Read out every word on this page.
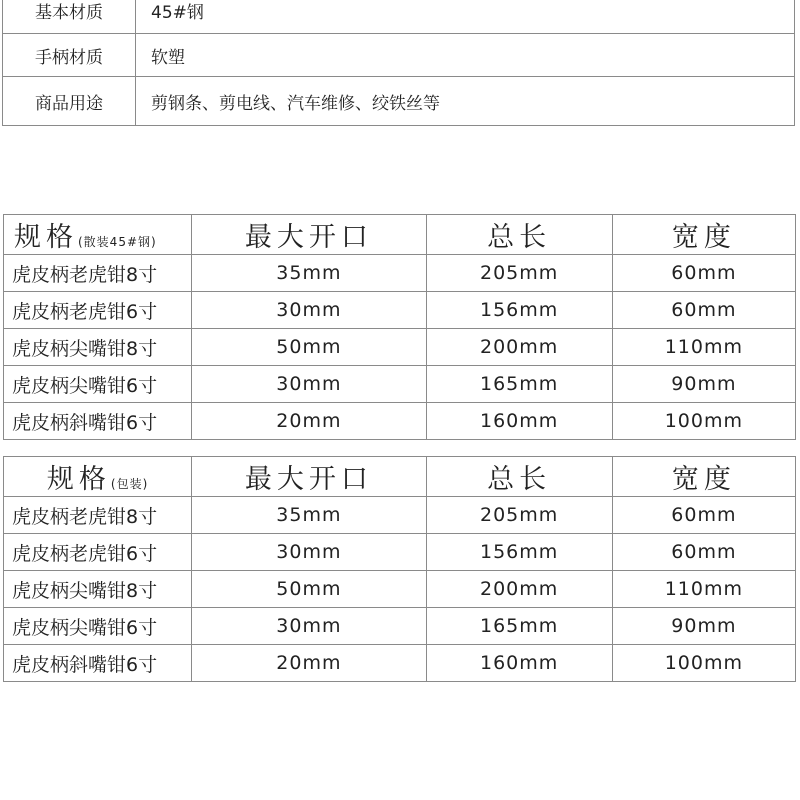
基本材质	45#钢
手柄材质	软塑
商品用途	剪钢条、剪电线、汽车维修、绞铁丝等
规格(散装45#钢)	最大开口	总长	宽度
虎皮柄老虎钳8寸	35mm	205mm	60mm
虎皮柄老虎钳6寸	30mm	156mm	60mm
虎皮柄尖嘴钳8寸	50mm	200mm	110mm
虎皮柄尖嘴钳6寸	30mm	165mm	90mm
虎皮柄斜嘴钳6寸	20mm	160mm	100mm
规格(包装)	最大开口	总长	宽度
虎皮柄老虎钳8寸	35mm	205mm	60mm
虎皮柄老虎钳6寸	30mm	156mm	60mm
虎皮柄尖嘴钳8寸	50mm	200mm	110mm
虎皮柄尖嘴钳6寸	30mm	165mm	90mm
虎皮柄斜嘴钳6寸	20mm	160mm	100mm
